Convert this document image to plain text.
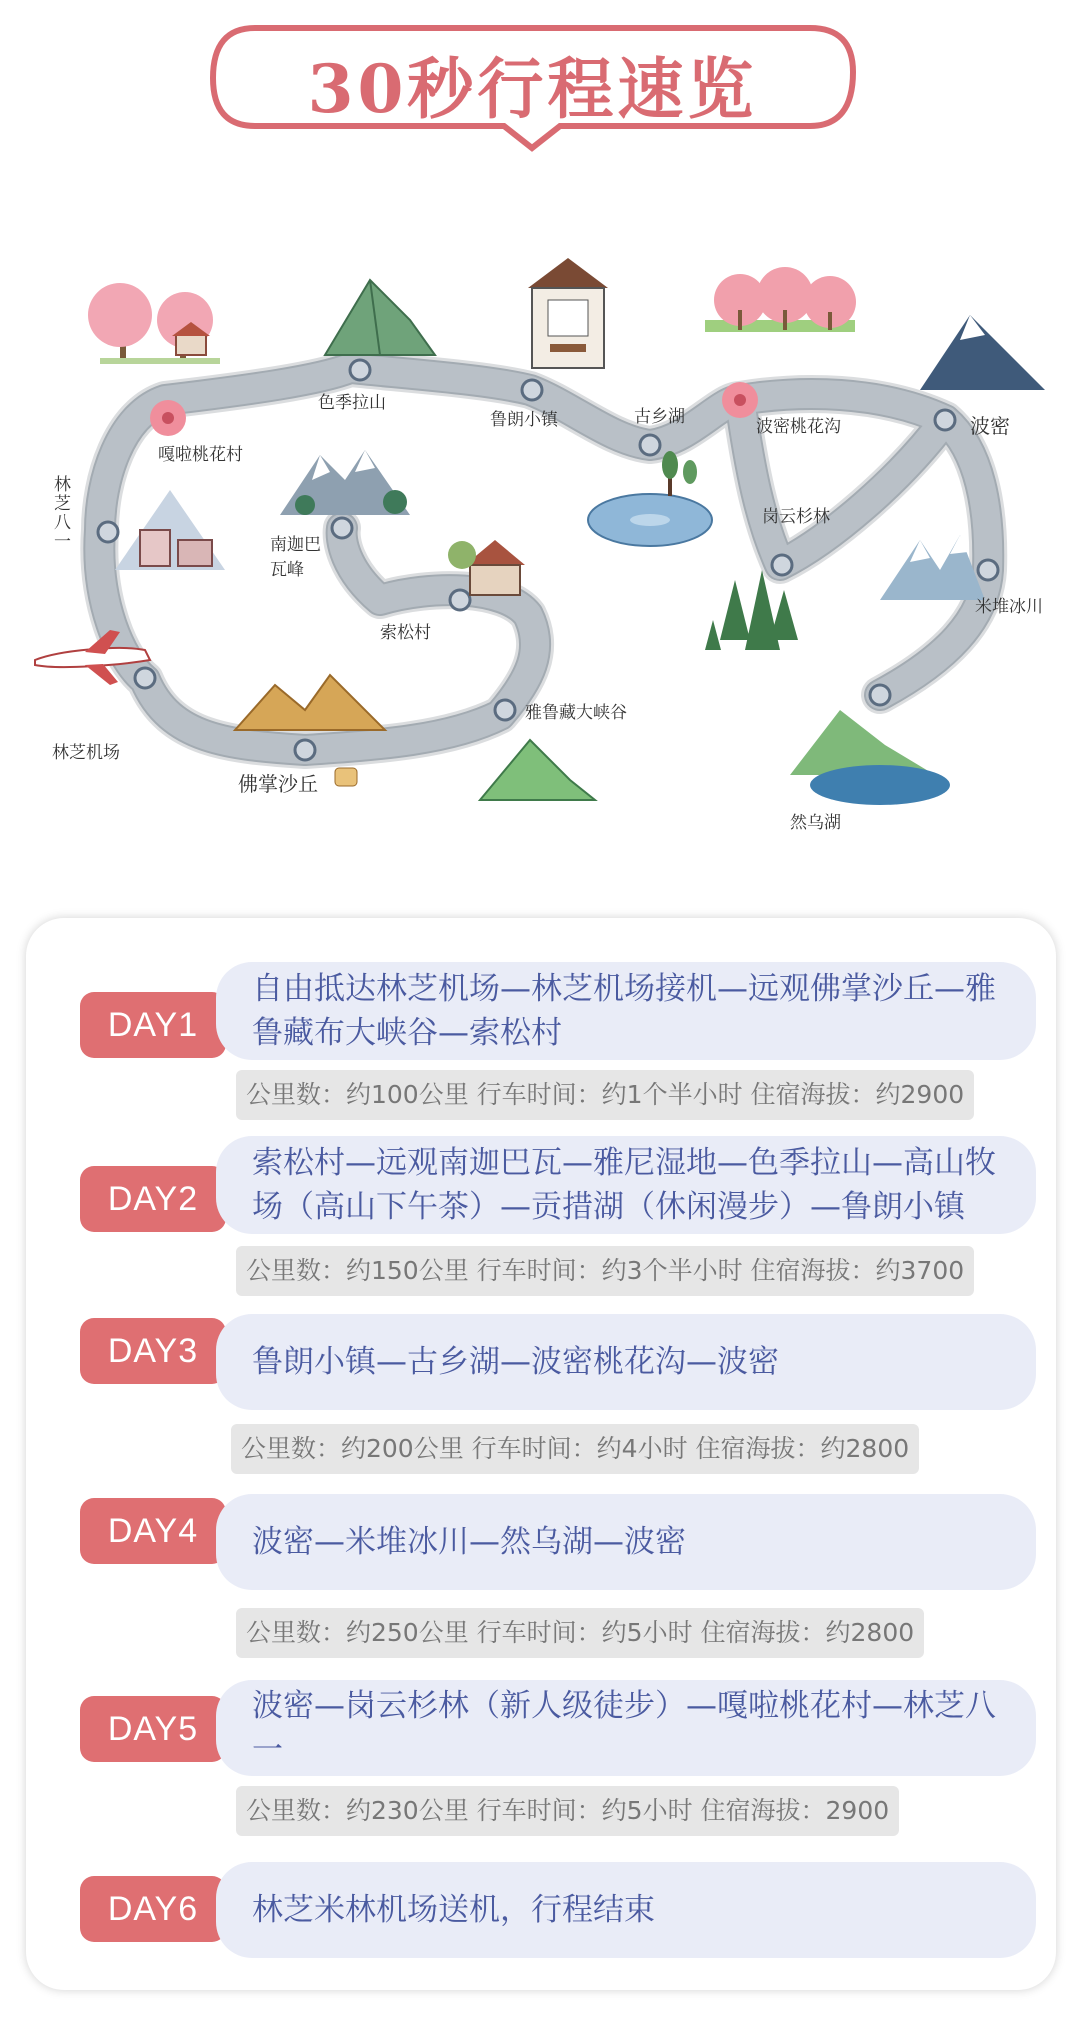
30秒行程速览
嘎啦桃花村
色季拉山
鲁朗小镇	古乡湖	波密桃花沟	波密
林芝八一	南迦巴瓦峰
岗云杉林
索松村
米堆冰川
雅鲁藏大峡谷
林芝机场
佛掌沙丘
然乌湖
DAY1
自由抵达林芝机场—林芝机场接机—远观佛掌沙丘—雅鲁藏布大峡谷—索松村
公里数：约100公里 行车时间：约1个半小时 住宿海拔：约2900
DAY2
索松村—远观南迦巴瓦—雅尼湿地—色季拉山—高山牧场（高山下午茶）—贡措湖（休闲漫步）—鲁朗小镇
公里数：约150公里 行车时间：约3个半小时 住宿海拔：约3700
DAY3	鲁朗小镇—古乡湖—波密桃花沟—波密
公里数：约200公里 行车时间：约4小时 住宿海拔：约2800
DAY4	波密—米堆冰川—然乌湖—波密
公里数：约250公里 行车时间：约5小时 住宿海拔：约2800
DAY5
波密—岗云杉林（新人级徒步）—嘎啦桃花村—林芝八一
公里数：约230公里 行车时间：约5小时 住宿海拔：2900
DAY6	林芝米林机场送机，行程结束
